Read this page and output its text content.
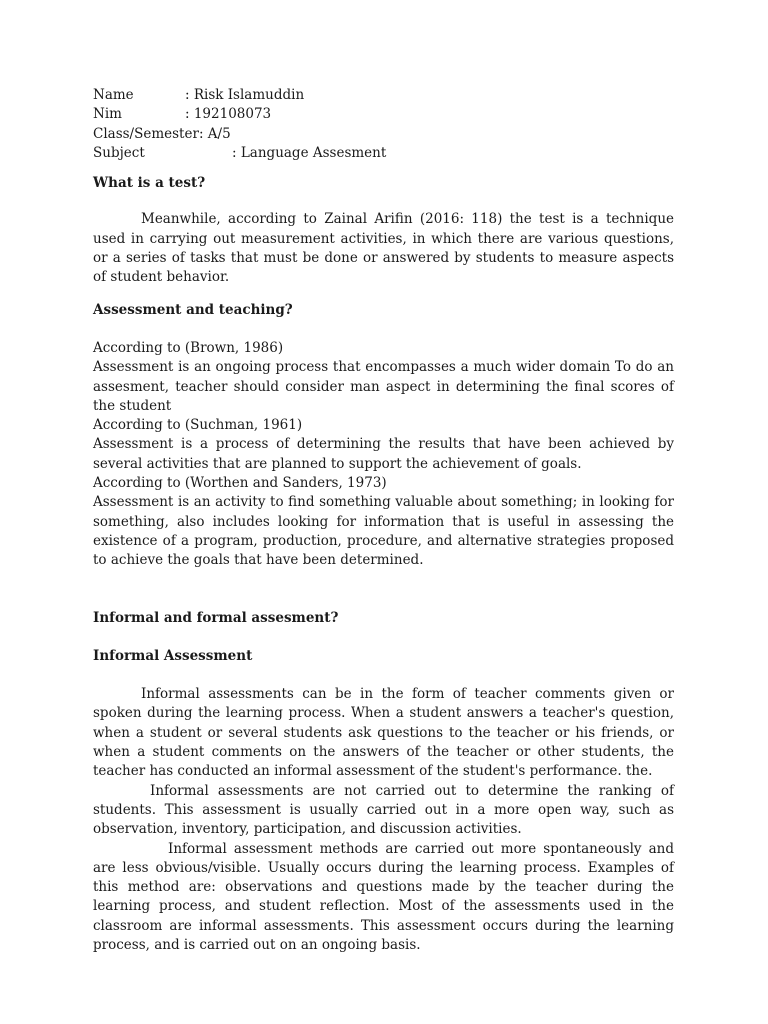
Name	: Risk Islamuddin
Nim	: 192108073
Class/Semester : A/5
Subject	: Language Assesment
What is a test?

Meanwhile, according to Zainal Arifin (2016: 118) the test is a technique used in carrying out measurement activities, in which there are various questions, or a series of tasks that must be done or answered by students to measure aspects of student behavior.

Assessment and teaching?
According to (Brown, 1986)

Assessment is an ongoing process that encompasses a much wider domain To do an assesment, teacher should consider man aspect in determining the final scores of the student

According to (Suchman, 1961)

Assessment is a process of determining the results that have been achieved by several activities that are planned to support the achievement of goals.

According to (Worthen and Sanders, 1973)

Assessment is an activity to find something valuable about something; in looking for something, also includes looking for information that is useful in assessing the existence of a program, production, procedure, and alternative strategies proposed to achieve the goals that have been determined.

Informal and formal assesment?
Informal Assessment

Informal assessments can be in the form of teacher comments given or spoken during the learning process. When a student answers a teacher's question, when a student or several students ask questions to the teacher or his friends, or when a student comments on the answers of the teacher or other students, the teacher has conducted an informal assessment of the student's performance. the.

Informal assessments are not carried out to determine the ranking of students. This assessment is usually carried out in a more open way, such as observation, inventory, participation, and discussion activities.

Informal assessment methods are carried out more spontaneously and are less obvious/visible. Usually occurs during the learning process. Examples of this method are: observations and questions made by the teacher during the learning process, and student reflection. Most of the assessments used in the classroom are informal assessments. This assessment occurs during the learning process, and is carried out on an ongoing basis.
